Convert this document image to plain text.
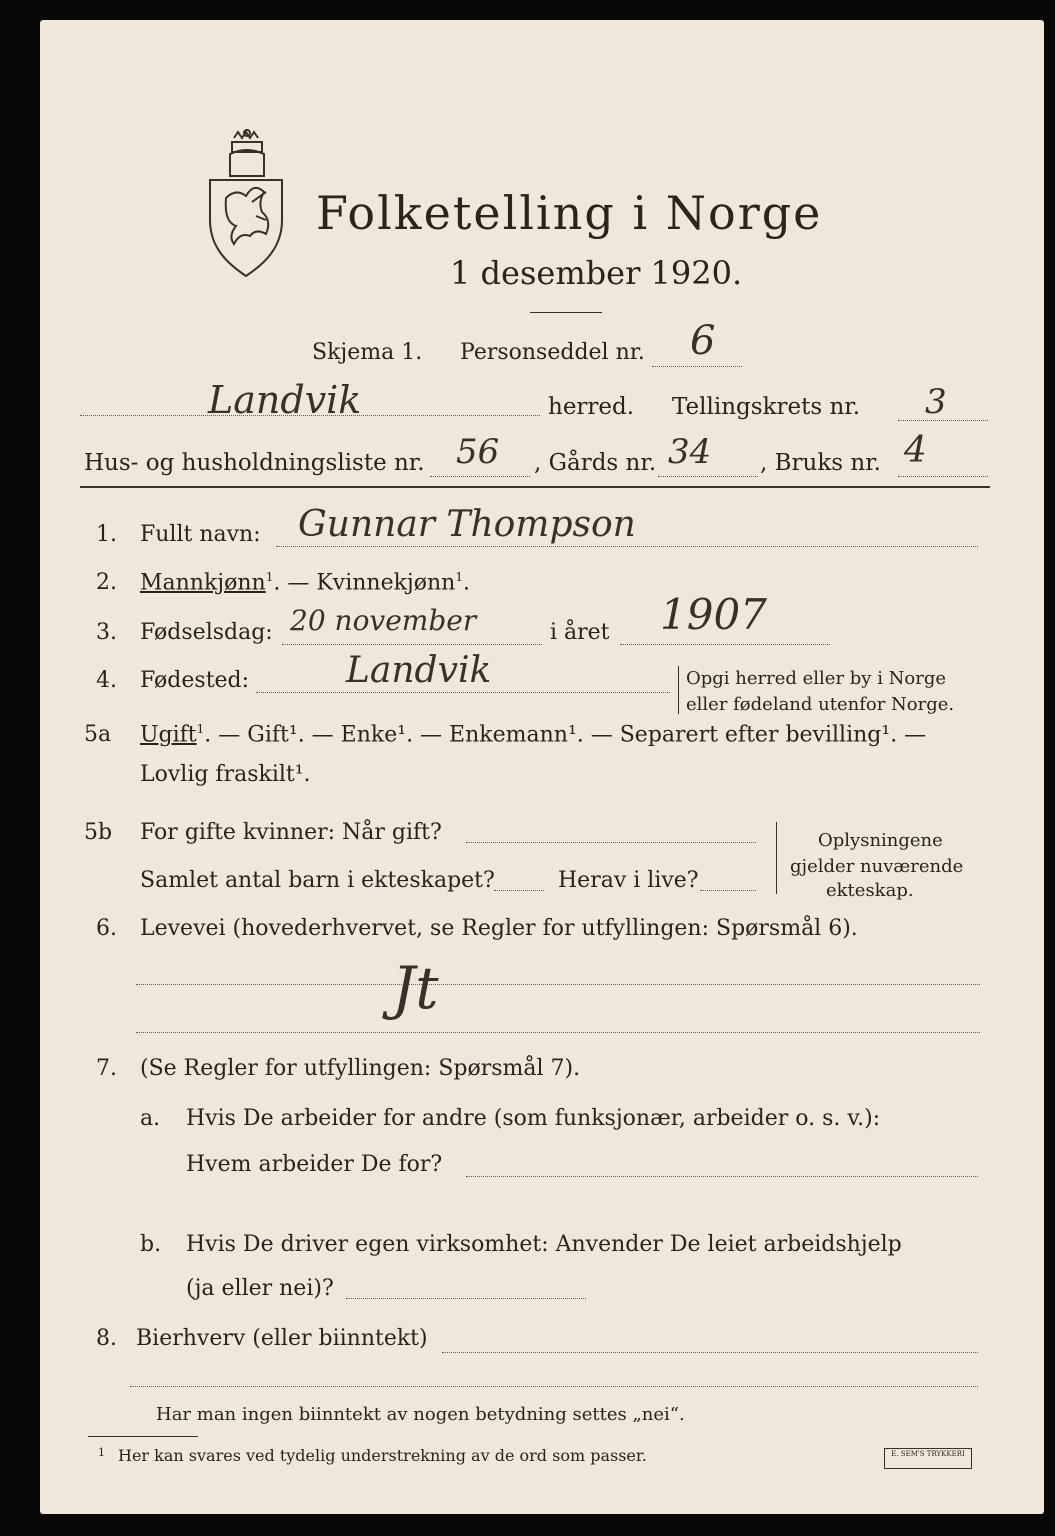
Folketelling i Norge
1 desember 1920.
Skjema 1. Personseddel nr. 6
Landvik	herred. Tellingskrets nr. 3
Hus- og husholdningsliste nr. 56 , Gårds nr. 34 , Bruks nr. 4
1. Fullt navn: Gunnar Thompson
2. Mannkjønn$^1$. — Kvinnekjønn$^1$.
3. Fødselsdag: 20 november	i året 1907
4. Fødested:	Landvik	Opgi herred eller by i Norge
eller fødeland utenfor Norge.
5a Ugift$^1$. — Gift¹. — Enke¹. — Enkemann¹. — Separert efter bevilling¹. —
Lovlig fraskilt¹.
5b For gifte kvinner: Når gift?
Samlet antal barn i ekteskapet?	Herav i live?
Oplysningene
gjelder nuværende
ekteskap.
6. Levevei (hovederhvervet, se Regler for utfyllingen: Spørsmål 6).
Jt
7. (Se Regler for utfyllingen: Spørsmål 7).
a. Hvis De arbeider for andre (som funksjonær, arbeider o. s. v.):
Hvem arbeider De for?
b. Hvis De driver egen virksomhet: Anvender De leiet arbeidshjelp
(ja eller nei)?
8. Bierhverv (eller biinntekt)
Har man ingen biinntekt av nogen betydning settes „nei“.
1 Her kan svares ved tydelig understrekning av de ord som passer.	E. SEM'S TRYKKERI
